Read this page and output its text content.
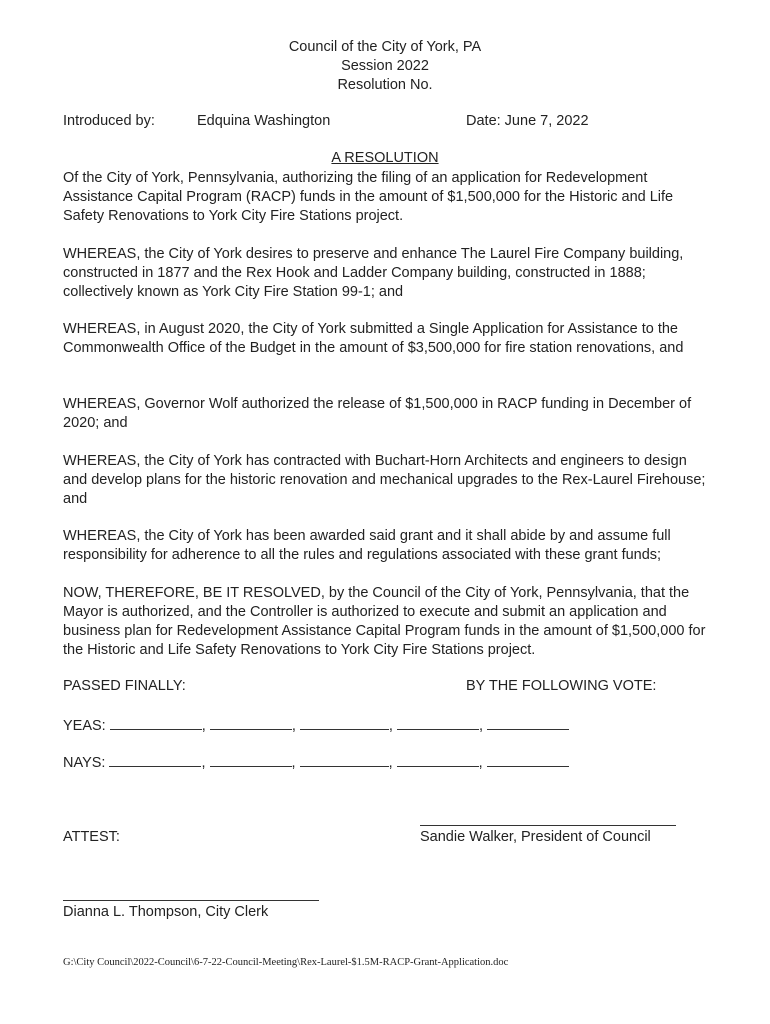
Council of the City of York, PA
Session 2022
Resolution No.
Introduced by:	Edquina Washington	Date: June 7, 2022
A RESOLUTION

Of the City of York, Pennsylvania, authorizing the filing of an application for Redevelopment Assistance Capital Program (RACP) funds in the amount of $1,500,000 for the Historic and Life Safety Renovations to York City Fire Stations project.

WHEREAS, the City of York desires to preserve and enhance The Laurel Fire Company building, constructed in 1877 and the Rex Hook and Ladder Company building, constructed in 1888; collectively known as York City Fire Station 99-1; and

WHEREAS, in August 2020, the City of York submitted a Single Application for Assistance to the Commonwealth Office of the Budget in the amount of $3,500,000 for fire station renovations, and

WHEREAS, Governor Wolf authorized the release of $1,500,000 in RACP funding in December of 2020; and

WHEREAS, the City of York has contracted with Buchart-Horn Architects and engineers to design and develop plans for the historic renovation and mechanical upgrades to the Rex-Laurel Firehouse; and

WHEREAS, the City of York has been awarded said grant and it shall abide by and assume full responsibility for adherence to all the rules and regulations associated with these grant funds;

NOW, THEREFORE, BE IT RESOLVED, by the Council of the City of York, Pennsylvania, that the Mayor is authorized, and the Controller is authorized to execute and submit an application and business plan for Redevelopment Assistance Capital Program funds in the amount of $1,500,000 for the Historic and Life Safety Renovations to York City Fire Stations project.

PASSED FINALLY:	BY THE FOLLOWING VOTE:
YEAS:	,	,	,	,
NAYS:	,	,	,	,
ATTEST:	Sandie Walker, President of Council
Dianna L. Thompson, City Clerk
G:\City Council\2022-Council\6-7-22-Council-Meeting\Rex-Laurel-$1.5M-RACP-Grant-Application.doc
